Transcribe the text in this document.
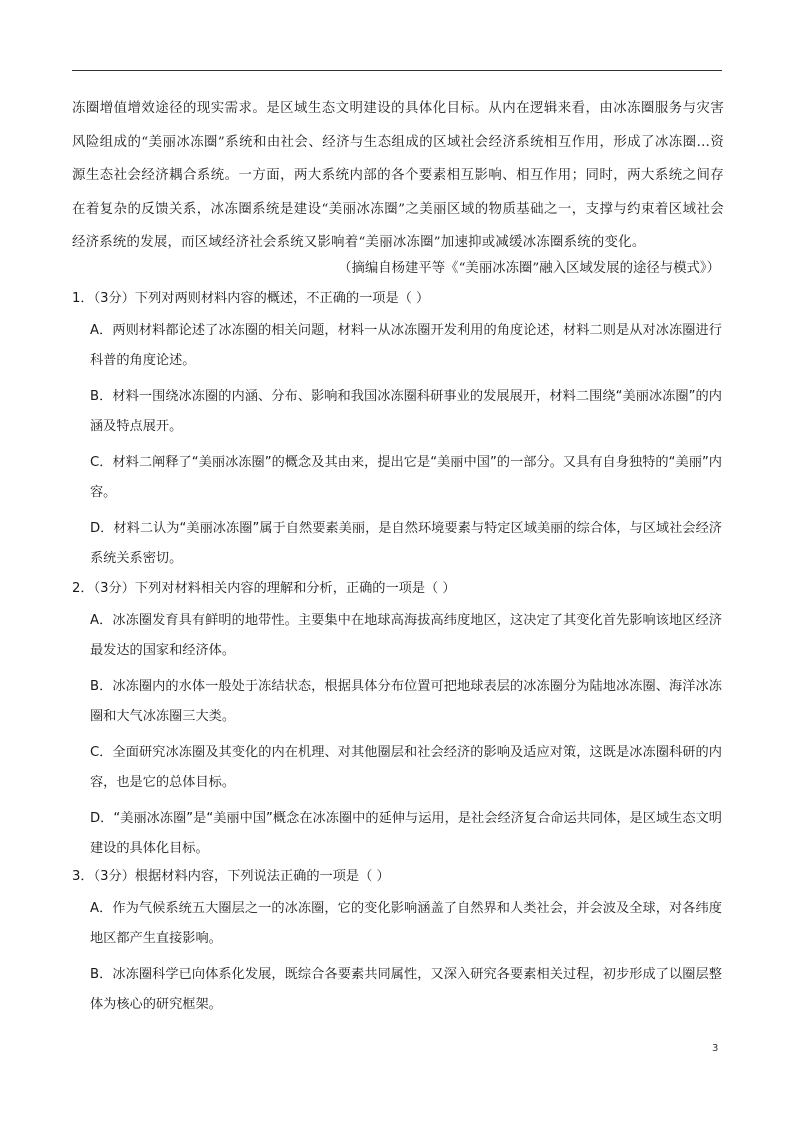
冻圈增值增效途径的现实需求。是区域生态文明建设的具体化目标。从内在逻辑来看，由冰冻圈服务与灾害风险组成的“美丽冰冻圈”系统和由社会、经济与生态组成的区域社会经济系统相互作用，形成了冰冻圈…资源生态社会经济耦合系统。一方面，两大系统内部的各个要素相互影响、相互作用；同时，两大系统之间存在着复杂的反馈关系，冰冻圈系统是建设“美丽冰冻圈”之美丽区域的物质基础之一，支撑与约束着区域社会经济系统的发展，而区域经济社会系统又影响着“美丽冰冻圈”加速抑或减缓冰冻圈系统的变化。

（摘编自杨建平等《“美丽冰冻圈”融入区域发展的途径与模式》）

1．（3分）下列对两则材料内容的概述，不正确的一项是（ ）

A．两则材料都论述了冰冻圈的相关问题，材料一从冰冻圈开发利用的角度论述，材料二则是从对冰冻圈进行科普的角度论述。

B．材料一围绕冰冻圈的内涵、分布、影响和我国冰冻圈科研事业的发展展开，材料二围绕“美丽冰冻圈”的内涵及特点展开。

C．材料二阐释了“美丽冰冻圈”的概念及其由来，提出它是“美丽中国”的一部分。又具有自身独特的“美丽”内容。

D．材料二认为“美丽冰冻圈”属于自然要素美丽，是自然环境要素与特定区域美丽的综合体，与区域社会经济系统关系密切。

2．（3分）下列对材料相关内容的理解和分析，正确的一项是（ ）

A．冰冻圈发育具有鲜明的地带性。主要集中在地球高海拔高纬度地区，这决定了其变化首先影响该地区经济最发达的国家和经济体。

B．冰冻圈内的水体一般处于冻结状态，根据具体分布位置可把地球表层的冰冻圈分为陆地冰冻圈、海洋冰冻圈和大气冰冻圈三大类。

C．全面研究冰冻圈及其变化的内在机理、对其他圈层和社会经济的影响及适应对策，这既是冰冻圈科研的内容，也是它的总体目标。

D．“美丽冰冻圈”是“美丽中国”概念在冰冻圈中的延伸与运用，是社会经济复合命运共同体，是区域生态文明建设的具体化目标。

3．（3分）根据材料内容，下列说法正确的一项是（ ）

A．作为气候系统五大圈层之一的冰冻圈，它的变化影响涵盖了自然界和人类社会，并会波及全球，对各纬度地区都产生直接影响。

B．冰冻圈科学已向体系化发展，既综合各要素共同属性，又深入研究各要素相关过程，初步形成了以圈层整体为核心的研究框架。

3
